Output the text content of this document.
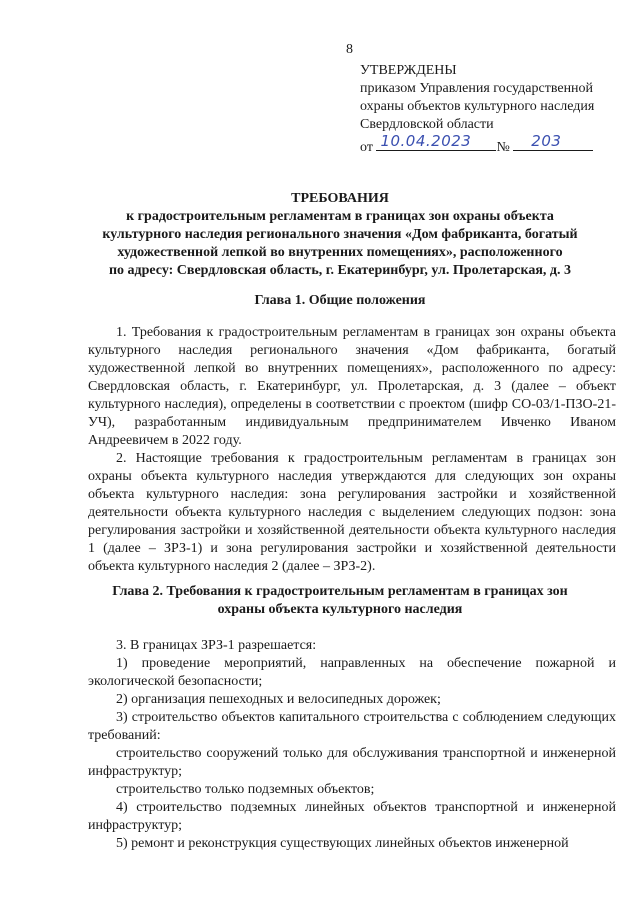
8
УТВЕРЖДЕНЫ
приказом Управления государственной
охраны объектов культурного наследия
Свердловской области
от 10.04.2023 № 203
ТРЕБОВАНИЯ
к градостроительным регламентам в границах зон охраны объекта
культурного наследия регионального значения «Дом фабриканта, богатый
художественной лепкой во внутренних помещениях», расположенного
по адресу: Свердловская область, г. Екатеринбург, ул. Пролетарская, д. 3
Глава 1. Общие положения

1. Требования к градостроительным регламентам в границах зон охраны объекта культурного наследия регионального значения «Дом фабриканта, богатый художественной лепкой во внутренних помещениях», расположенного по адресу: Свердловская область, г. Екатеринбург, ул. Пролетарская, д. 3 (далее – объект культурного наследия), определены в соответствии с проектом (шифр СО-03/1-ПЗО-21-УЧ), разработанным индивидуальным предпринимателем Ивченко Иваном Андреевичем в 2022 году.

2. Настоящие требования к градостроительным регламентам в границах зон охраны объекта культурного наследия утверждаются для следующих зон охраны объекта культурного наследия: зона регулирования застройки и хозяйственной деятельности объекта культурного наследия с выделением следующих подзон: зона регулирования застройки и хозяйственной деятельности объекта культурного наследия 1 (далее – ЗРЗ-1) и зона регулирования застройки и хозяйственной деятельности объекта культурного наследия 2 (далее – ЗРЗ-2).

Глава 2. Требования к градостроительным регламентам в границах зон
охраны объекта культурного наследия

3. В границах ЗРЗ-1 разрешается:

1) проведение мероприятий, направленных на обеспечение пожарной и экологической безопасности;

2) организация пешеходных и велосипедных дорожек;

3) строительство объектов капитального строительства с соблюдением следующих требований:

строительство сооружений только для обслуживания транспортной и инженерной инфраструктур;

строительство только подземных объектов;

4) строительство подземных линейных объектов транспортной и инженерной инфраструктур;

5) ремонт и реконструкция существующих линейных объектов инженерной
